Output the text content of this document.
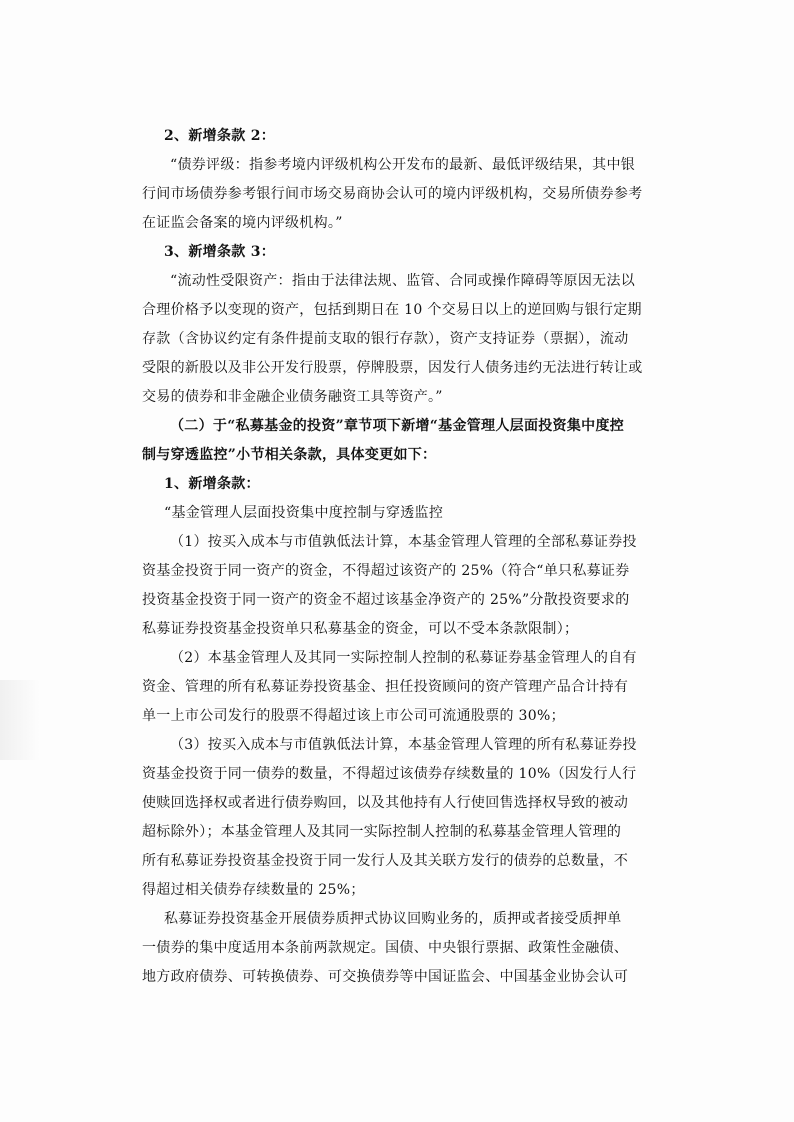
2、新增条款 2：
“债券评级：指参考境内评级机构公开发布的最新、最低评级结果，其中银
行间市场债券参考银行间市场交易商协会认可的境内评级机构，交易所债券参考
在证监会备案的境内评级机构。”
3、新增条款 3：
“流动性受限资产：指由于法律法规、监管、合同或操作障碍等原因无法以
合理价格予以变现的资产，包括到期日在 10 个交易日以上的逆回购与银行定期
存款（含协议约定有条件提前支取的银行存款），资产支持证券（票据），流动
受限的新股以及非公开发行股票，停牌股票，因发行人债务违约无法进行转让或
交易的债券和非金融企业债务融资工具等资产。”
（二）于“私募基金的投资”章节项下新增“基金管理人层面投资集中度控
制与穿透监控”小节相关条款，具体变更如下：
1、新增条款：
“基金管理人层面投资集中度控制与穿透监控
（1）按买入成本与市值孰低法计算，本基金管理人管理的全部私募证券投
资基金投资于同一资产的资金，不得超过该资产的 25%（符合“单只私募证券
投资基金投资于同一资产的资金不超过该基金净资产的 25%”分散投资要求的
私募证券投资基金投资单只私募基金的资金，可以不受本条款限制）；
（2）本基金管理人及其同一实际控制人控制的私募证券基金管理人的自有
资金、管理的所有私募证券投资基金、担任投资顾问的资产管理产品合计持有
单一上市公司发行的股票不得超过该上市公司可流通股票的 30%；
（3）按买入成本与市值孰低法计算，本基金管理人管理的所有私募证券投
资基金投资于同一债券的数量，不得超过该债券存续数量的 10%（因发行人行
使赎回选择权或者进行债券购回，以及其他持有人行使回售选择权导致的被动
超标除外）；本基金管理人及其同一实际控制人控制的私募基金管理人管理的
所有私募证券投资基金投资于同一发行人及其关联方发行的债券的总数量，不
得超过相关债券存续数量的 25%；
私募证券投资基金开展债券质押式协议回购业务的，质押或者接受质押单
一债券的集中度适用本条前两款规定。国债、中央银行票据、政策性金融债、
地方政府债券、可转换债券、可交换债券等中国证监会、中国基金业协会认可
